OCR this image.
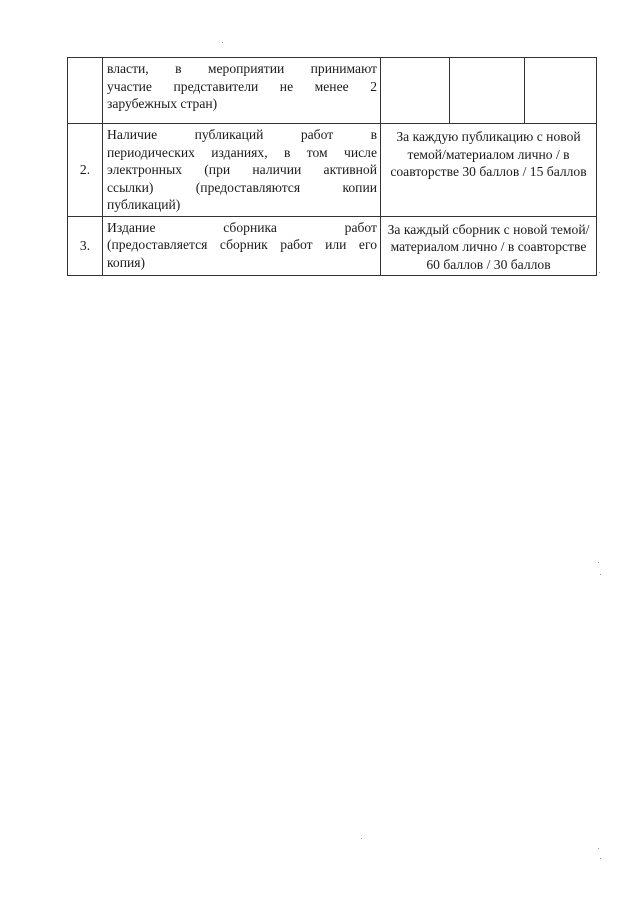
	власти, в мероприятии принимают
участие представители не менее 2
зарубежных стран)			

2.	Наличие публикаций работ в
периодических изданиях, в том числе
электронных (при наличии активной
ссылки) (предоставляются копии
публикаций)	За каждую публикацию с новой темой/материалом лично / в соавторстве 30 баллов / 15 баллов		
3.	Издание сборника работ
(предоставляется сборник работ или его
копия)	За каждый сборник с новой темой/материалом лично / в соавторстве 60 баллов / 30 баллов		
